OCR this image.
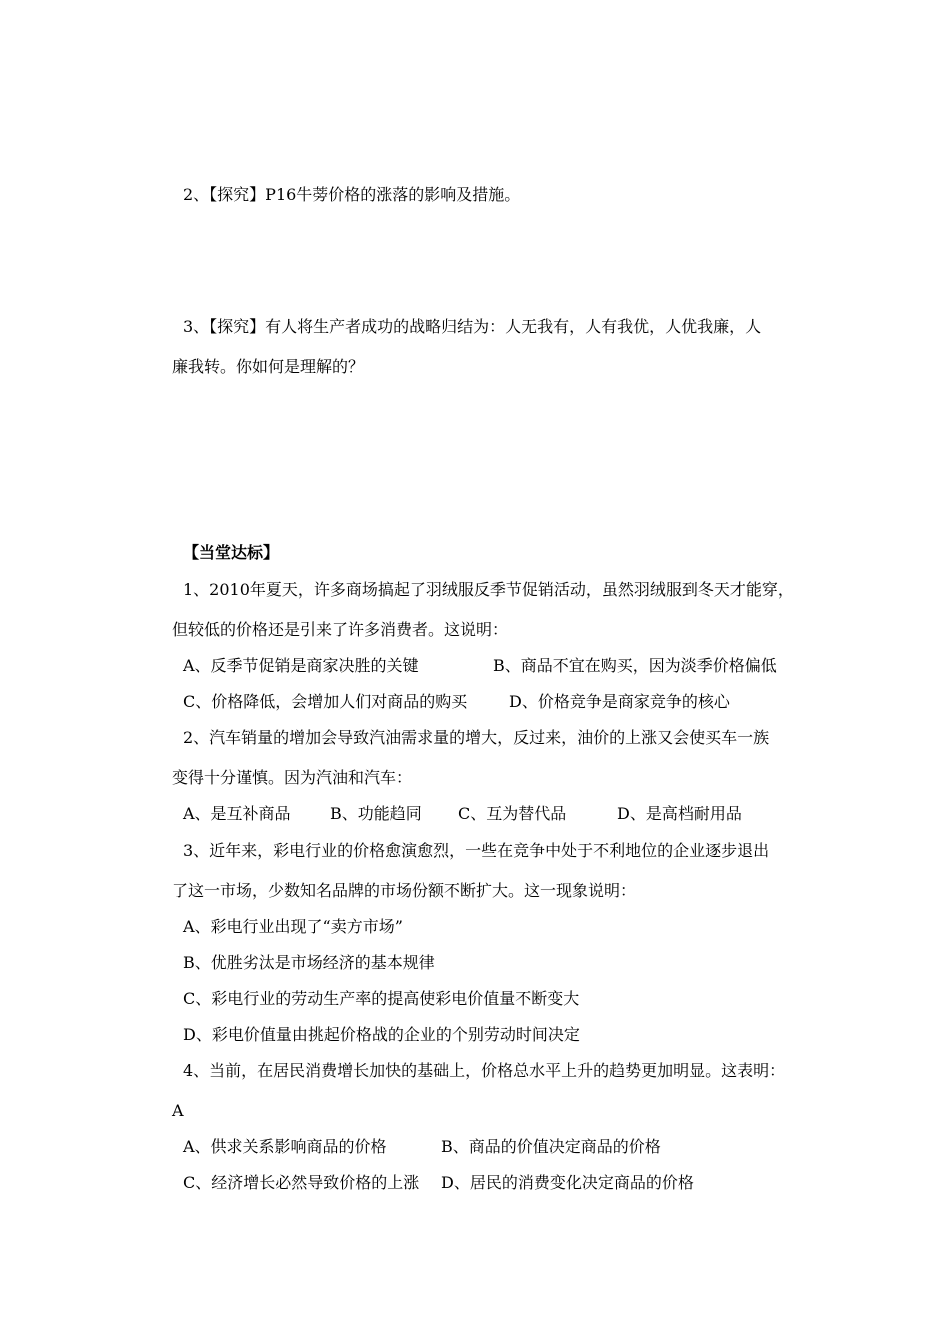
2、【探究】P16牛蒡价格的涨落的影响及措施。
3、【探究】有人将生产者成功的战略归结为：人无我有，人有我优，人优我廉，人
廉我转。你如何是理解的？
【当堂达标】
1、2010年夏天，许多商场搞起了羽绒服反季节促销活动，虽然羽绒服到冬天才能穿，
但较低的价格还是引来了许多消费者。这说明：
A、反季节促销是商家决胜的关键	B、商品不宜在购买，因为淡季价格偏低
C、价格降低，会增加人们对商品的购买	D、价格竞争是商家竞争的核心
2、汽车销量的增加会导致汽油需求量的增大，反过来，油价的上涨又会使买车一族
变得十分谨慎。因为汽油和汽车：
A、是互补商品 B、功能趋同 C、互为替代品	D、是高档耐用品
3、近年来，彩电行业的价格愈演愈烈，一些在竞争中处于不利地位的企业逐步退出
了这一市场，少数知名品牌的市场份额不断扩大。这一现象说明：
A、彩电行业出现了“卖方市场”
B、优胜劣汰是市场经济的基本规律
C、彩电行业的劳动生产率的提高使彩电价值量不断变大
D、彩电价值量由挑起价格战的企业的个别劳动时间决定
4、当前，在居民消费增长加快的基础上，价格总水平上升的趋势更加明显。这表明：
A
A、供求关系影响商品的价格	B、商品的价值决定商品的价格
C、经济增长必然导致价格的上涨 D、居民的消费变化决定商品的价格
